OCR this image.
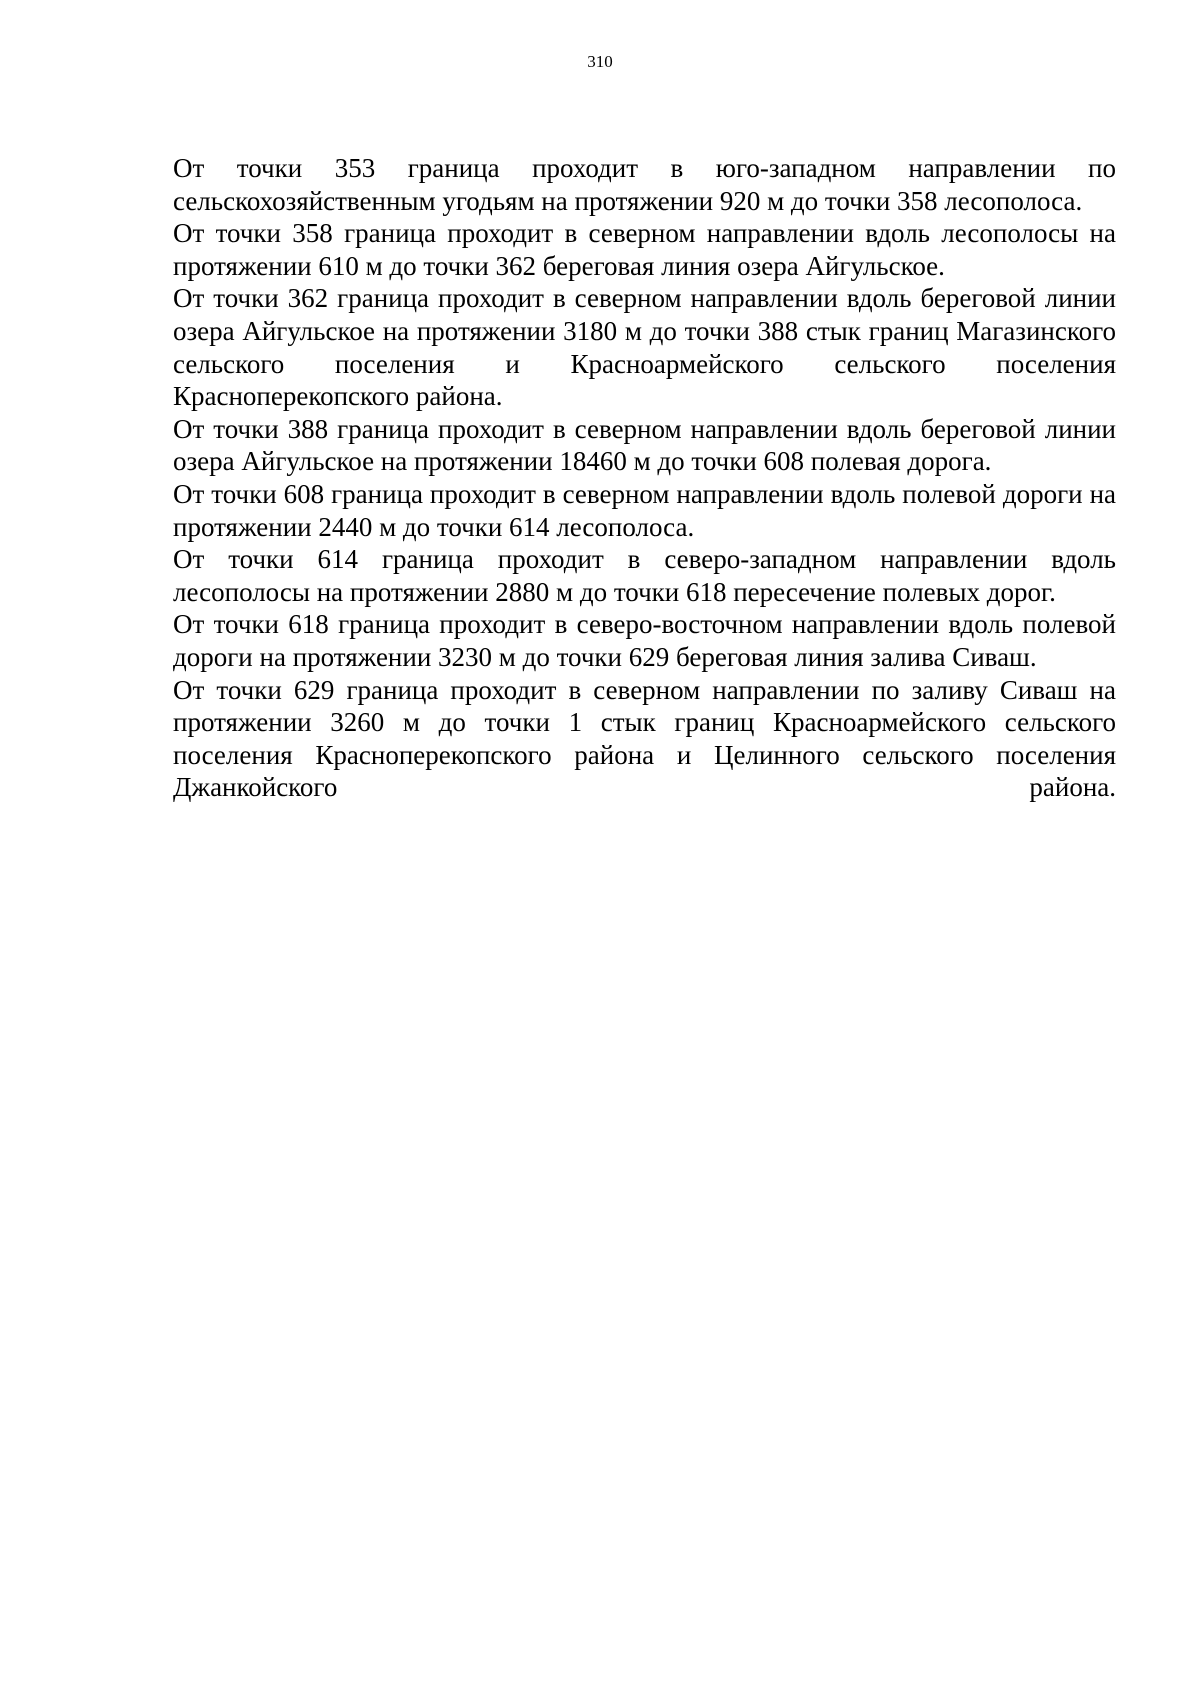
310

От точки 353 граница проходит в юго-западном направлении по сельскохозяйственным угодьям на протяжении 920 м до точки 358 лесополоса.

От точки 358 граница проходит в северном направлении вдоль лесополосы на протяжении 610 м до точки 362 береговая линия озера Айгульское.

От точки 362 граница проходит в северном направлении вдоль береговой линии озера Айгульское на протяжении 3180 м до точки 388 стык границ Магазинского сельского поселения и Красноармейского сельского поселения Красноперекопского района.

От точки 388 граница проходит в северном направлении вдоль береговой линии озера Айгульское на протяжении 18460 м до точки 608 полевая дорога.

От точки 608 граница проходит в северном направлении вдоль полевой дороги на протяжении 2440 м до точки 614 лесополоса.

От точки 614 граница проходит в северо-западном направлении вдоль лесополосы на протяжении 2880 м до точки 618 пересечение полевых дорог.

От точки 618 граница проходит в северо-восточном направлении вдоль полевой дороги на протяжении 3230 м до точки 629 береговая линия залива Сиваш.

От точки 629 граница проходит в северном направлении по заливу Сиваш на протяжении 3260 м до точки 1 стык границ Красноармейского сельского поселения Красноперекопского района и Целинного сельского поселения Джанкойского района.
